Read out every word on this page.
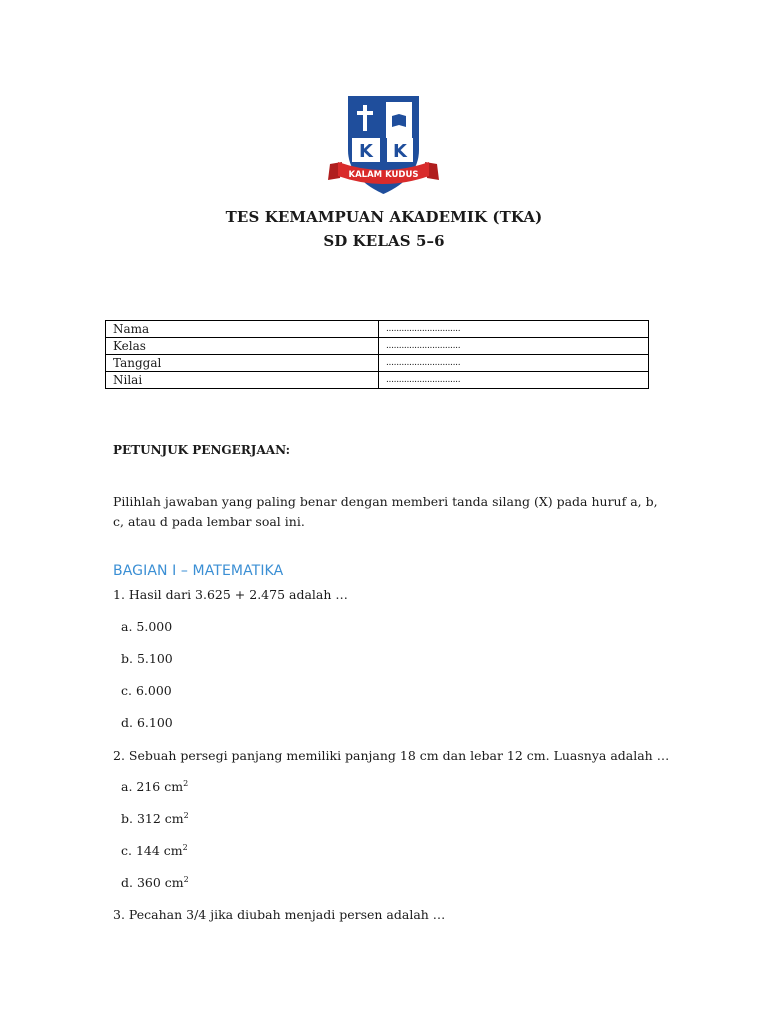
K K
KALAM KUDUS
TES KEMAMPUAN AKADEMIK (TKA)
SD KELAS 5–6
Nama	.............................
Kelas	.............................
Tanggal	.............................
Nilai	.............................
PETUNJUK PENGERJAAN:
Pilihlah jawaban yang paling benar dengan memberi tanda silang (X) pada huruf a, b, c, atau d pada lembar soal ini.
BAGIAN I – MATEMATIKA
1. Hasil dari 3.625 + 2.475 adalah …
a. 5.000
b. 5.100
c. 6.000
d. 6.100
2. Sebuah persegi panjang memiliki panjang 18 cm dan lebar 12 cm. Luasnya adalah …
a. 216 $cm^2$
b. 312 $cm^2$
c. 144 $cm^2$
d. 360 $cm^2$
3. Pecahan 3/4 jika diubah menjadi persen adalah …
